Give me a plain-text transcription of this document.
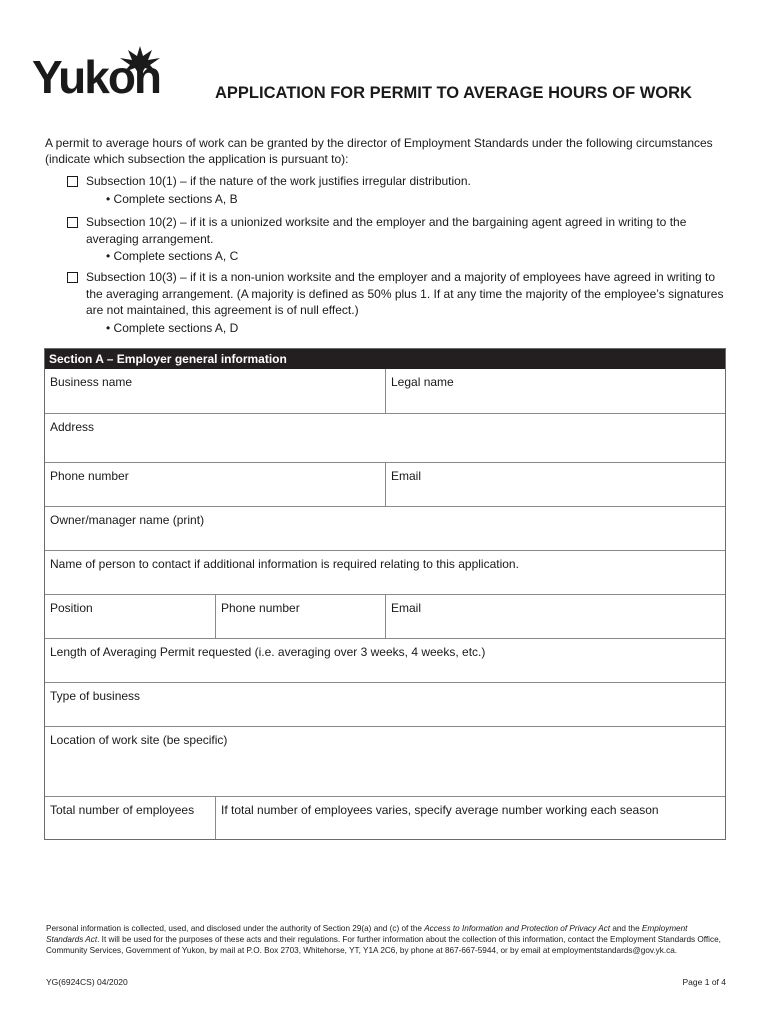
Yukon	APPLICATION FOR PERMIT TO AVERAGE HOURS OF WORK

A permit to average hours of work can be granted by the director of Employment Standards under the following circumstances (indicate which subsection the application is pursuant to):

Subsection 10(1) – if the nature of the work justifies irregular distribution.
• Complete sections A, B
Subsection 10(2) – if it is a unionized worksite and the employer and the bargaining agent agreed in writing to the averaging arrangement.
• Complete sections A, C
Subsection 10(3) – if it is a non-union worksite and the employer and a majority of employees have agreed in writing to the averaging arrangement. (A majority is defined as 50% plus 1. If at any time the majority of the employee’s signatures are not maintained, this agreement is of null effect.)
• Complete sections A, D
Section A – Employer general information
Business name	Legal name
Address
Phone number	Email
Owner/manager name (print)
Name of person to contact if additional information is required relating to this application.
Position	Phone number	Email
Length of Averaging Permit requested (i.e. averaging over 3 weeks, 4 weeks, etc.)
Type of business
Location of work site (be specific)
Total number of employees	If total number of employees varies, specify average number working each season

Personal information is collected, used, and disclosed under the authority of Section 29(a) and (c) of the Access to Information and Protection of Privacy Act and the Employment Standards Act. It will be used for the purposes of these acts and their regulations. For further information about the collection of this information, contact the Employment Standards Office, Community Services, Government of Yukon, by mail at P.O. Box 2703, Whitehorse, YT, Y1A 2C6, by phone at 867-667-5944, or by email at employmentstandards@gov.yk.ca.

YG(6924CS) 04/2020	Page 1 of 4
